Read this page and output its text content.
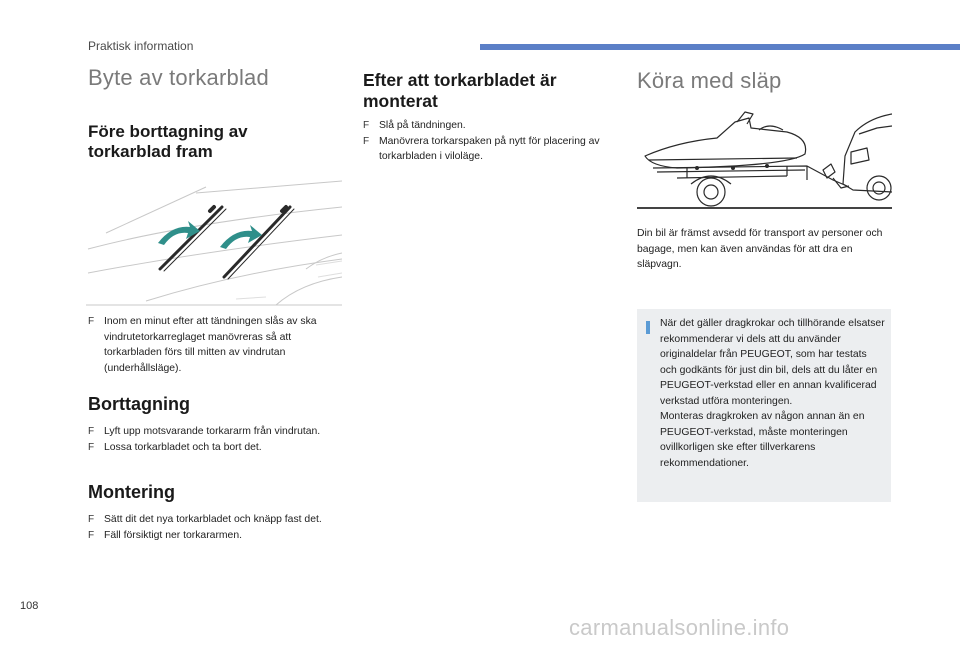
Praktisk information
Byte av torkarblad
Före borttagning av torkarblad fram

F Inom en minut efter att tändningen slås av ska vindrutetorkarreglaget manövreras så att torkarbladen förs till mitten av vindrutan (underhållsläge).

Borttagning

F Lyft upp motsvarande torkararm från vindrutan.

F Lossa torkarbladet och ta bort det.

Montering

F Sätt dit det nya torkarbladet och knäpp fast det.

F Fäll försiktigt ner torkararmen.

Efter att torkarbladet är monterat

F Slå på tändningen.

F Manövrera torkarspaken på nytt för placering av torkarbladen i viloläge.

Köra med släp
Din bil är främst avsedd för transport av personer och bagage, men kan även användas för att dra en släpvagn.
När det gäller dragkrokar och tillhörande elsatser rekommenderar vi dels att du använder originaldelar från PEUGEOT, som har testats och godkänts för just din bil, dels att du låter en PEUGEOT-verkstad eller en annan kvalificerad verkstad utföra monteringen.
Monteras dragkroken av någon annan än en PEUGEOT-verkstad, måste monteringen ovillkorligen ske efter tillverkarens rekommendationer.
108
carmanualsonline.info
